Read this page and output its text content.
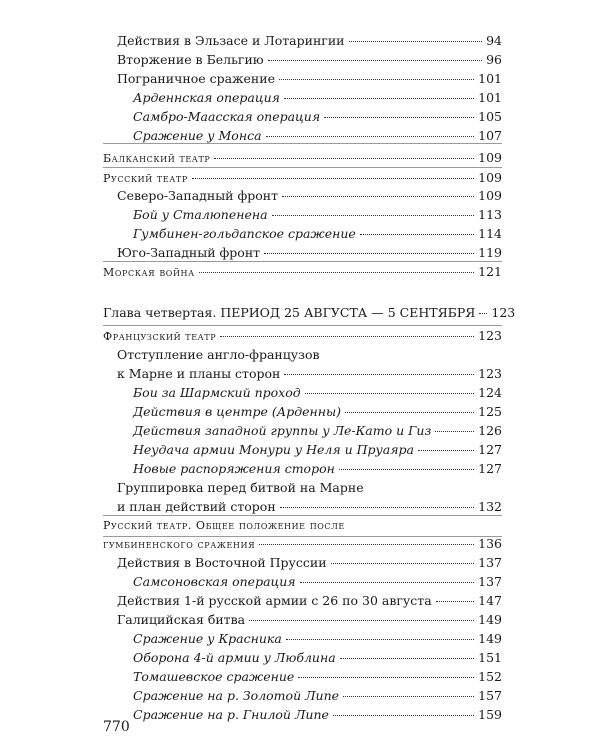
Действия в Эльзасе и Лотарингии	94
Вторжение в Бельгию	96
Пограничное сражение	101
Арденнская операция	101
Самбро-Маасская операция	105
Сражение у Монса	107
Балканский театр	109
Русский театр	109
Северо-Западный фронт	109
Бой у Сталюпенена	113
Гумбинен-гольдапское сражение	114
Юго-Западный фронт	119
Морская война	121
Глава четвертая. ПЕРИОД 25 АВГУСТА — 5 СЕНТЯБРЯ 123
Французский театр	123
Отступление англо-французов
к Марне и планы сторон	123
Бои за Шармский проход	124
Действия в центре (Арденны)	125
Действия западной группы у Ле-Като и Гиз	126
Неудача армии Монури у Неля и Пруаяра	127
Новые распоряжения сторон	127
Группировка перед битвой на Марне
и план действий сторон	132
Русский театр. Общее положение после
гумбиненского сражения	136
Действия в Восточной Пруссии	137
Самсоновская операция	137
Действия 1-й русской армии с 26 по 30 августа	147
Галицийская битва	149
Сражение у Красника	149
Оборона 4-й армии у Люблина	151
Томашевское сражение	152
Сражение на р. Золотой Липе	157
Сражение на р. Гнилой Липе	159
770
